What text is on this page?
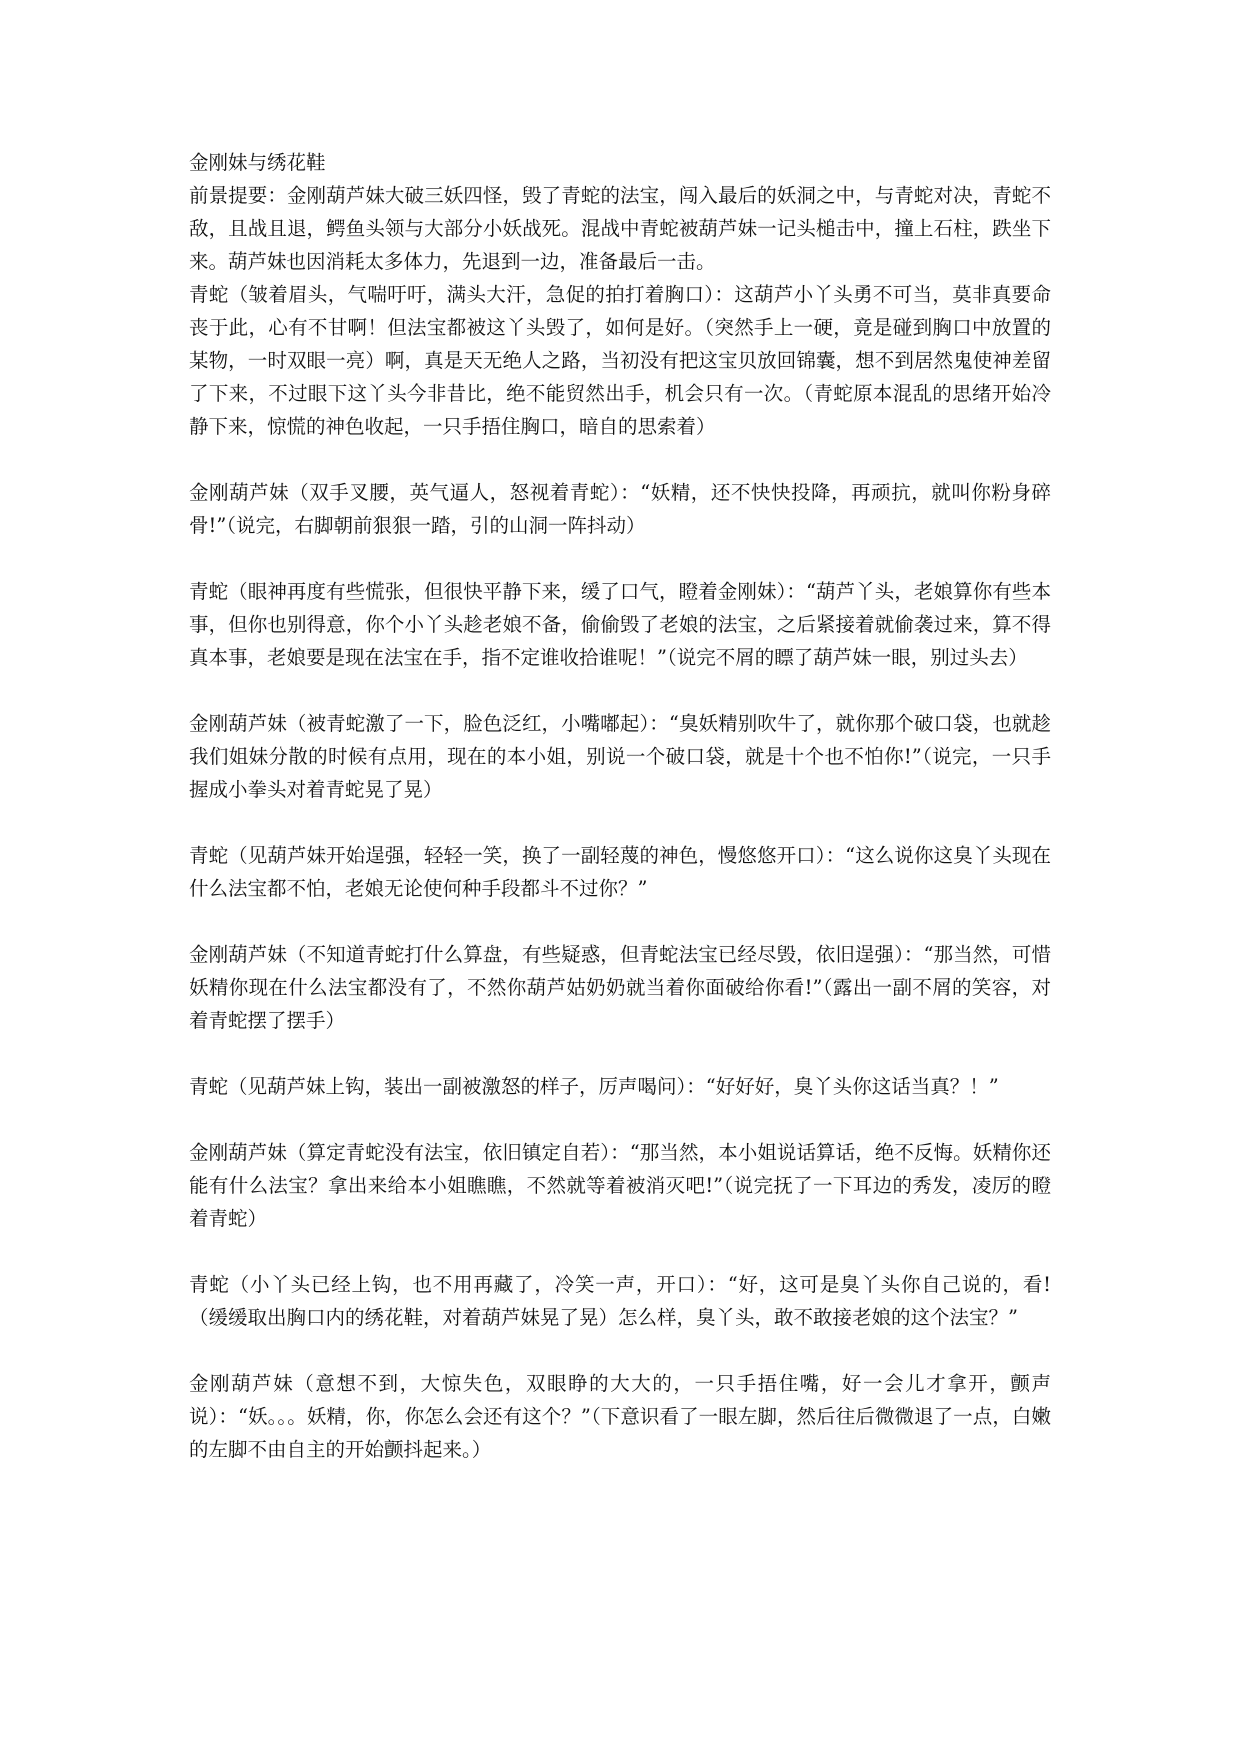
金刚妹与绣花鞋

前景提要：金刚葫芦妹大破三妖四怪，毁了青蛇的法宝，闯入最后的妖洞之中，与青蛇对决，青蛇不敌，且战且退，鳄鱼头领与大部分小妖战死。混战中青蛇被葫芦妹一记头槌击中，撞上石柱，跌坐下来。葫芦妹也因消耗太多体力，先退到一边，准备最后一击。
青蛇（皱着眉头，气喘吁吁，满头大汗，急促的拍打着胸口）：这葫芦小丫头勇不可当，莫非真要命丧于此，心有不甘啊！但法宝都被这丫头毁了，如何是好。（突然手上一硬，竟是碰到胸口中放置的某物，一时双眼一亮）啊，真是天无绝人之路，当初没有把这宝贝放回锦囊，想不到居然鬼使神差留了下来，不过眼下这丫头今非昔比，绝不能贸然出手，机会只有一次。（青蛇原本混乱的思绪开始冷静下来，惊慌的神色收起，一只手捂住胸口，暗自的思索着）

金刚葫芦妹（双手叉腰，英气逼人，怒视着青蛇）：“妖精，还不快快投降，再顽抗，就叫你粉身碎骨!”（说完，右脚朝前狠狠一踏，引的山洞一阵抖动）

青蛇（眼神再度有些慌张，但很快平静下来，缓了口气，瞪着金刚妹）：“葫芦丫头，老娘算你有些本事，但你也别得意，你个小丫头趁老娘不备，偷偷毁了老娘的法宝，之后紧接着就偷袭过来，算不得真本事，老娘要是现在法宝在手，指不定谁收拾谁呢！”（说完不屑的瞟了葫芦妹一眼，别过头去）

金刚葫芦妹（被青蛇激了一下，脸色泛红，小嘴嘟起）：“臭妖精别吹牛了，就你那个破口袋，也就趁我们姐妹分散的时候有点用，现在的本小姐，别说一个破口袋，就是十个也不怕你!”（说完，一只手握成小拳头对着青蛇晃了晃）

青蛇（见葫芦妹开始逞强，轻轻一笑，换了一副轻蔑的神色，慢悠悠开口）：“这么说你这臭丫头现在什么法宝都不怕，老娘无论使何种手段都斗不过你？”

金刚葫芦妹（不知道青蛇打什么算盘，有些疑惑，但青蛇法宝已经尽毁，依旧逞强）：“那当然，可惜妖精你现在什么法宝都没有了，不然你葫芦姑奶奶就当着你面破给你看!”（露出一副不屑的笑容，对着青蛇摆了摆手）

青蛇（见葫芦妹上钩，装出一副被激怒的样子，厉声喝问）：“好好好，臭丫头你这话当真？！”

金刚葫芦妹（算定青蛇没有法宝，依旧镇定自若）：“那当然，本小姐说话算话，绝不反悔。妖精你还能有什么法宝？拿出来给本小姐瞧瞧，不然就等着被消灭吧!”（说完抚了一下耳边的秀发，凌厉的瞪着青蛇）

青蛇（小丫头已经上钩，也不用再藏了，冷笑一声，开口）：“好，这可是臭丫头你自己说的，看!（缓缓取出胸口内的绣花鞋，对着葫芦妹晃了晃）怎么样，臭丫头，敢不敢接老娘的这个法宝？”

金刚葫芦妹（意想不到，大惊失色，双眼睁的大大的，一只手捂住嘴，好一会儿才拿开，颤声说）：“妖。。。妖精，你，你怎么会还有这个？”（下意识看了一眼左脚，然后往后微微退了一点，白嫩的左脚不由自主的开始颤抖起来。）
